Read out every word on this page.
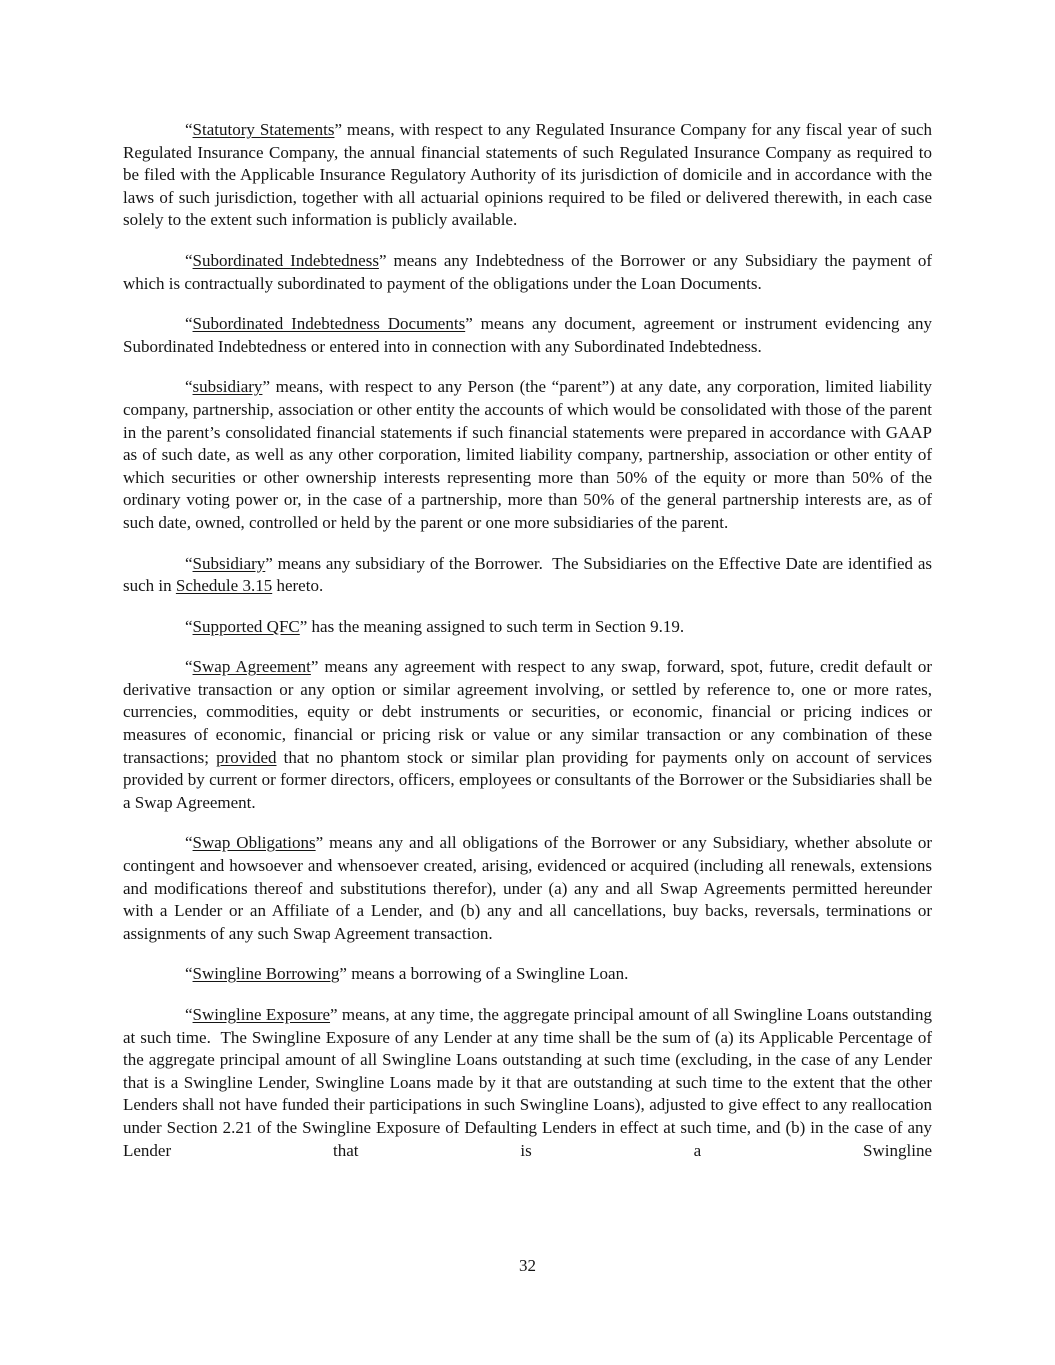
“Statutory Statements” means, with respect to any Regulated Insurance Company for any fiscal year of such Regulated Insurance Company, the annual financial statements of such Regulated Insurance Company as required to be filed with the Applicable Insurance Regulatory Authority of its jurisdiction of domicile and in accordance with the laws of such jurisdiction, together with all actuarial opinions required to be filed or delivered therewith, in each case solely to the extent such information is publicly available.

“Subordinated Indebtedness” means any Indebtedness of the Borrower or any Subsidiary the payment of which is contractually subordinated to payment of the obligations under the Loan Documents.

“Subordinated Indebtedness Documents” means any document, agreement or instrument evidencing any Subordinated Indebtedness or entered into in connection with any Subordinated Indebtedness.

“subsidiary” means, with respect to any Person (the “parent”) at any date, any corporation, limited liability company, partnership, association or other entity the accounts of which would be consolidated with those of the parent in the parent’s consolidated financial statements if such financial statements were prepared in accordance with GAAP as of such date, as well as any other corporation, limited liability company, partnership, association or other entity of which securities or other ownership interests representing more than 50% of the equity or more than 50% of the ordinary voting power or, in the case of a partnership, more than 50% of the general partnership interests are, as of such date, owned, controlled or held by the parent or one more subsidiaries of the parent.

“Subsidiary” means any subsidiary of the Borrower.  The Subsidiaries on the Effective Date are identified as such in Schedule 3.15 hereto.

“Supported QFC” has the meaning assigned to such term in Section 9.19.

“Swap Agreement” means any agreement with respect to any swap, forward, spot, future, credit default or derivative transaction or any option or similar agreement involving, or settled by reference to, one or more rates, currencies, commodities, equity or debt instruments or securities, or economic, financial or pricing indices or measures of economic, financial or pricing risk or value or any similar transaction or any combination of these transactions; provided that no phantom stock or similar plan providing for payments only on account of services provided by current or former directors, officers, employees or consultants of the Borrower or the Subsidiaries shall be a Swap Agreement.

“Swap Obligations” means any and all obligations of the Borrower or any Subsidiary, whether absolute or contingent and howsoever and whensoever created, arising, evidenced or acquired (including all renewals, extensions and modifications thereof and substitutions therefor), under (a) any and all Swap Agreements permitted hereunder with a Lender or an Affiliate of a Lender, and (b) any and all cancellations, buy backs, reversals, terminations or assignments of any such Swap Agreement transaction.

“Swingline Borrowing” means a borrowing of a Swingline Loan.

“Swingline Exposure” means, at any time, the aggregate principal amount of all Swingline Loans outstanding at such time.  The Swingline Exposure of any Lender at any time shall be the sum of (a) its Applicable Percentage of the aggregate principal amount of all Swingline Loans outstanding at such time (excluding, in the case of any Lender that is a Swingline Lender, Swingline Loans made by it that are outstanding at such time to the extent that the other Lenders shall not have funded their participations in such Swingline Loans), adjusted to give effect to any reallocation under Section 2.21 of the Swingline Exposure of Defaulting Lenders in effect at such time, and (b) in the case of any Lender that is a Swingline

32
